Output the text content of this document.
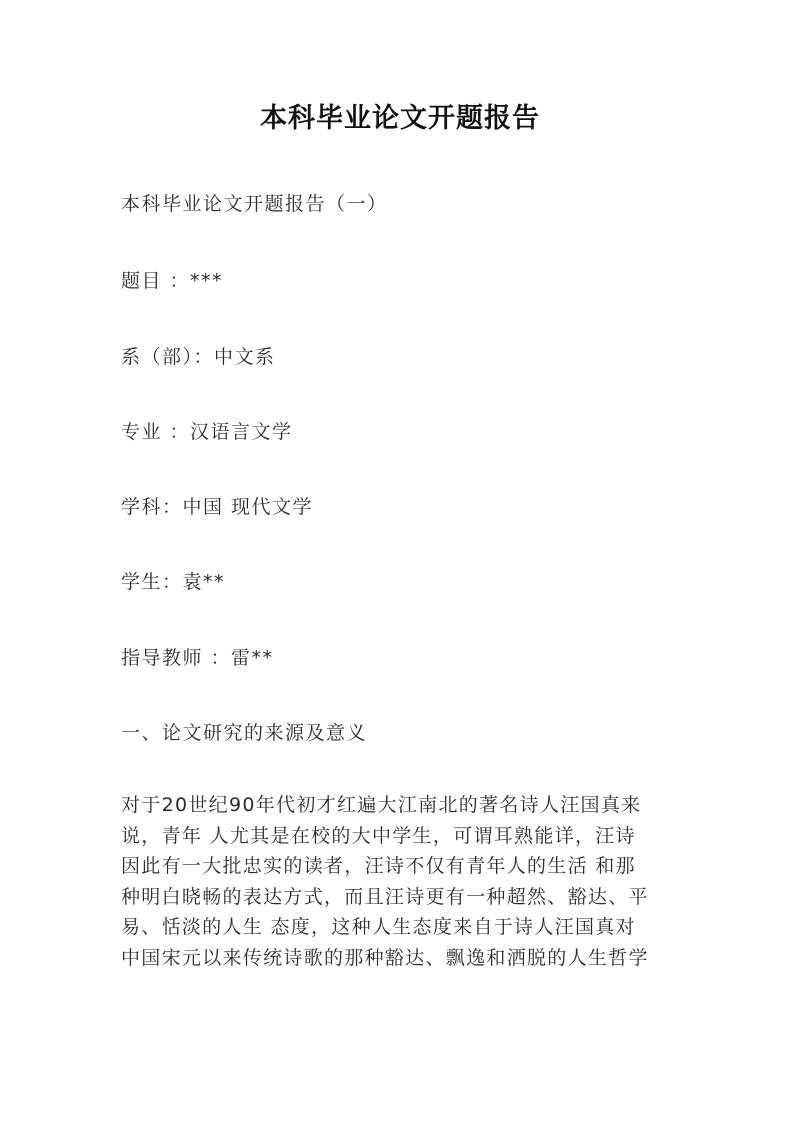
本科毕业论文开题报告
本科毕业论文开题报告（一）
题目 ：***
系（部）：中文系
专业 ：汉语言文学
学科：中国 现代文学
学生：袁**
指导教师 ：雷**
一、论文研究的来源及意义
对于20世纪90年代初才红遍大江南北的著名诗人汪国真来
说，青年 人尤其是在校的大中学生，可谓耳熟能详，汪诗
因此有一大批忠实的读者，汪诗不仅有青年人的生活 和那
种明白晓畅的表达方式，而且汪诗更有一种超然、豁达、平
易、恬淡的人生 态度，这种人生态度来自于诗人汪国真对
中国宋元以来传统诗歌的那种豁达、飘逸和洒脱的人生哲学
